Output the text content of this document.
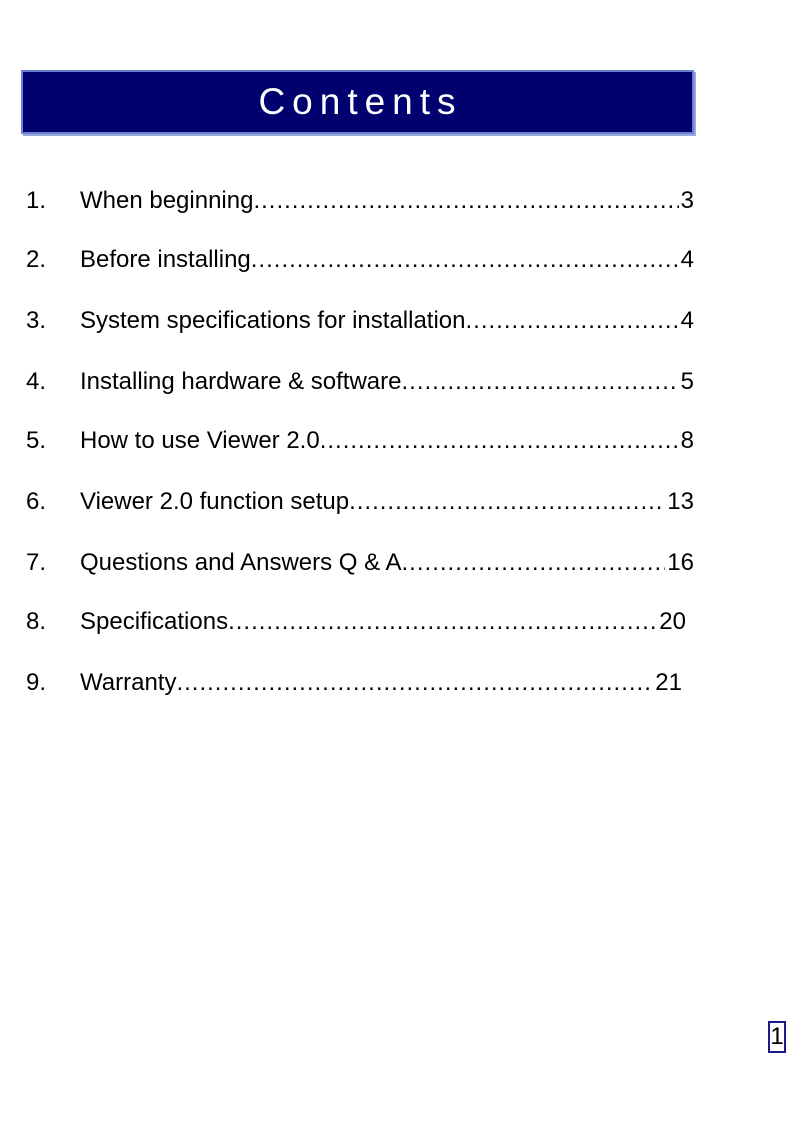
Contents
1.	When beginning .....	3
2.	Before installing .....	4
3.	System specifications for installation .....	4
4.	Installing hardware & software .....	5
5.	How to use Viewer 2.0 .....	8
6.	Viewer 2.0 function setup .....	13
7.	Questions and Answers Q & A .....	16
8.	Specifications .....	20
9.	Warranty .....	21
1
